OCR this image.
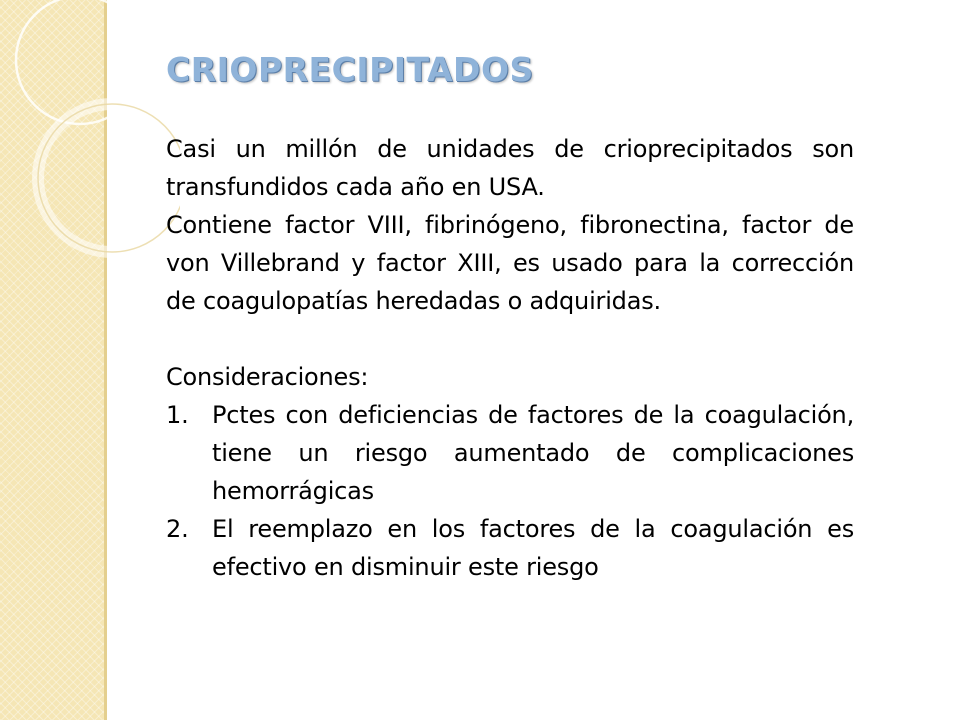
CRIOPRECIPITADOS

Casi un millón de unidades de crioprecipitados son transfundidos cada año en USA.

Contiene factor VIII, fibrinógeno, fibronectina, factor de von Villebrand y factor XIII, es usado para la corrección de coagulopatías heredadas o adquiridas.

Consideraciones:

1. Pctes con deficiencias de factores de la coagulación, tiene un riesgo aumentado de complicaciones hemorrágicas
2. El reemplazo en los factores de la coagulación es efectivo en disminuir este riesgo
